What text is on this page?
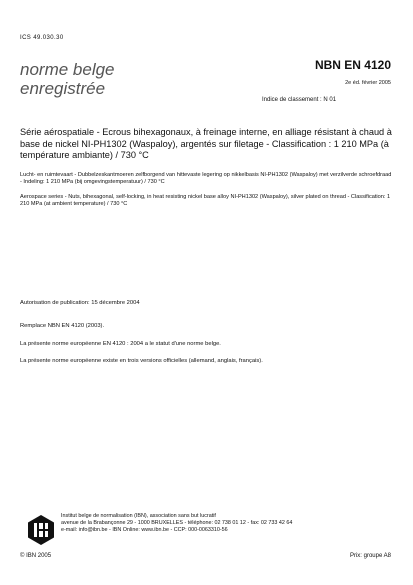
ICS 49.030.30
norme belge
enregistrée
NBN EN 4120
2e éd. février 2005
Indice de classement : N 01
Série aérospatiale - Ecrous bihexagonaux, à freinage interne, en alliage résistant à chaud à base de nickel NI-PH1302 (Waspaloy), argentés sur filetage - Classification : 1 210 MPa (à température ambiante) / 730 °C
Lucht- en ruimtevaart - Dubbelzeskantmoeren zelfborgend van hittevaste legering op nikkelbasis NI-PH1302 (Waspaloy) met verzilverde schroefdraad - Indeling: 1 210 MPa (bij omgevingstemperatuur) / 730 °C
Aerospace series - Nuts, bihexagonal, self-locking, in heat resisting nickel base alloy NI-PH1302 (Waspaloy), silver plated on thread - Classification: 1 210 MPa (at ambient temperature) / 730 °C
Autorisation de publication: 15 décembre 2004
Remplace NBN EN 4120 (2003).
La présente norme européenne EN 4120 : 2004 a le statut d'une norme belge.
La présente norme européenne existe en trois versions officielles (allemand, anglais, français).
Institut belge de normalisation (IBN), association sans but lucratif
avenue de la Brabançonne 29 - 1000 BRUXELLES - téléphone: 02 738 01 12 - fax: 02 733 42 64
e-mail: info@ibn.be - IBN Online: www.ibn.be - CCP: 000-0063310-56
© IBN 2005	Prix: groupe A8
